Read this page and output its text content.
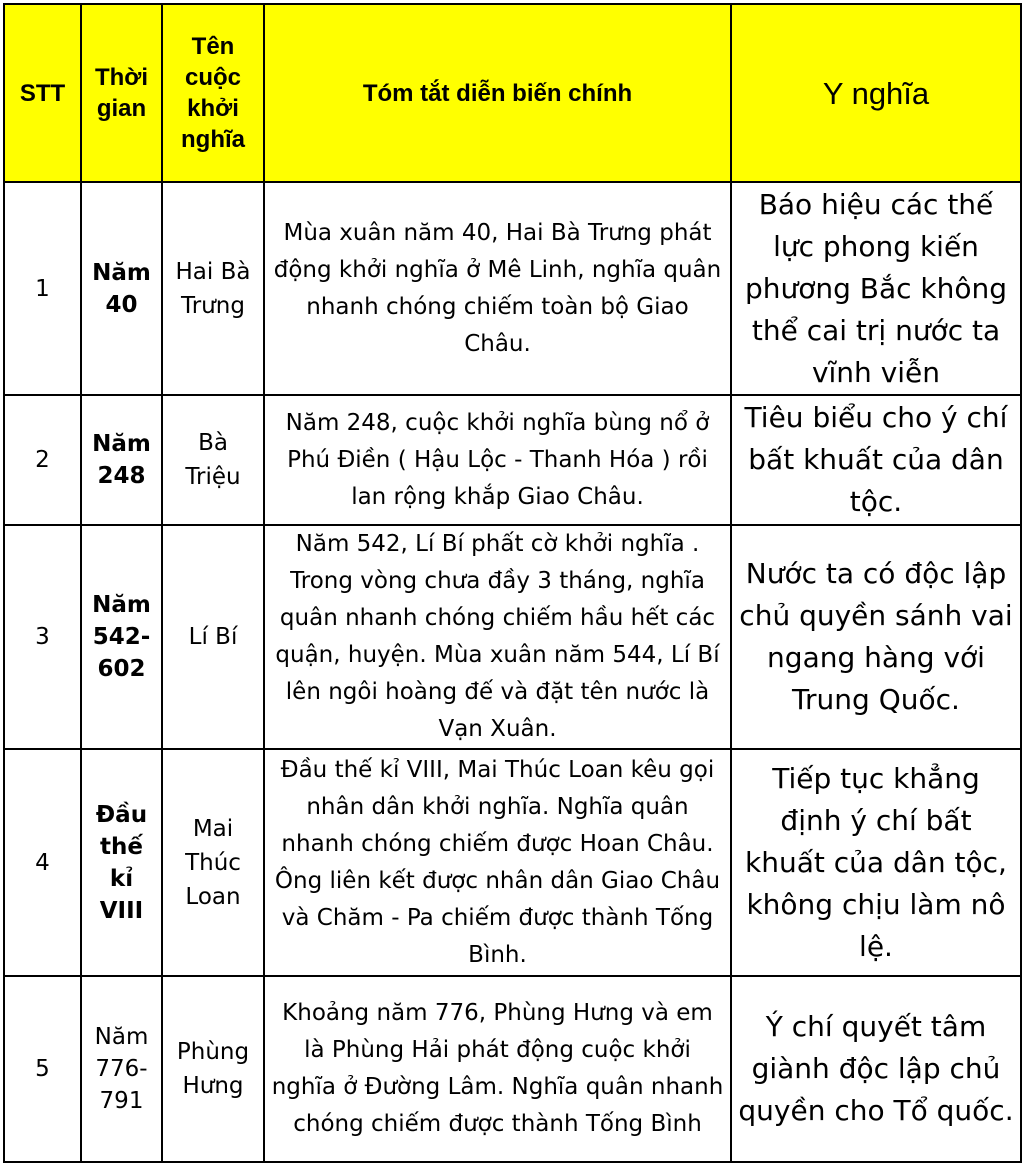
STT	Thời gian	Tên cuộc khởi nghĩa	Tóm tắt diễn biến chính	Y nghĩa
1	Năm 40	Hai Bà Trưng	Mùa xuân năm 40, Hai Bà Trưng phát động khởi nghĩa ở Mê Linh, nghĩa quân nhanh chóng chiếm toàn bộ Giao Châu.	Báo hiệu các thế lực phong kiến phương Bắc không thể cai trị nước ta vĩnh viễn
2	Năm 248	Bà Triệu	Năm 248, cuộc khởi nghĩa bùng nổ ở Phú Điền ( Hậu Lộc - Thanh Hóa ) rồi lan rộng khắp Giao Châu.	Tiêu biểu cho ý chí bất khuất của dân tộc.
3	Năm 542-602	Lí Bí	Năm 542, Lí Bí phất cờ khởi nghĩa . Trong vòng chưa đầy 3 tháng, nghĩa quân nhanh chóng chiếm hầu hết các quận, huyện. Mùa xuân năm 544, Lí Bí lên ngôi hoàng đế và đặt tên nước là Vạn Xuân.	Nước ta có độc lập chủ quyền sánh vai ngang hàng với Trung Quốc.
4	Đầu thế kỉ VIII	Mai Thúc Loan	Đầu thế kỉ VIII, Mai Thúc Loan kêu gọi nhân dân khởi nghĩa. Nghĩa quân nhanh chóng chiếm được Hoan Châu. Ông liên kết được nhân dân Giao Châu và Chăm - Pa chiếm được thành Tống Bình.	Tiếp tục khẳng định ý chí bất khuất của dân tộc, không chịu làm nô lệ.
5	Năm 776-791	Phùng Hưng	Khoảng năm 776, Phùng Hưng và em là Phùng Hải phát động cuộc khởi nghĩa ở Đường Lâm. Nghĩa quân nhanh chóng chiếm được thành Tống Bình	Ý chí quyết tâm giành độc lập chủ quyền cho Tổ quốc.
